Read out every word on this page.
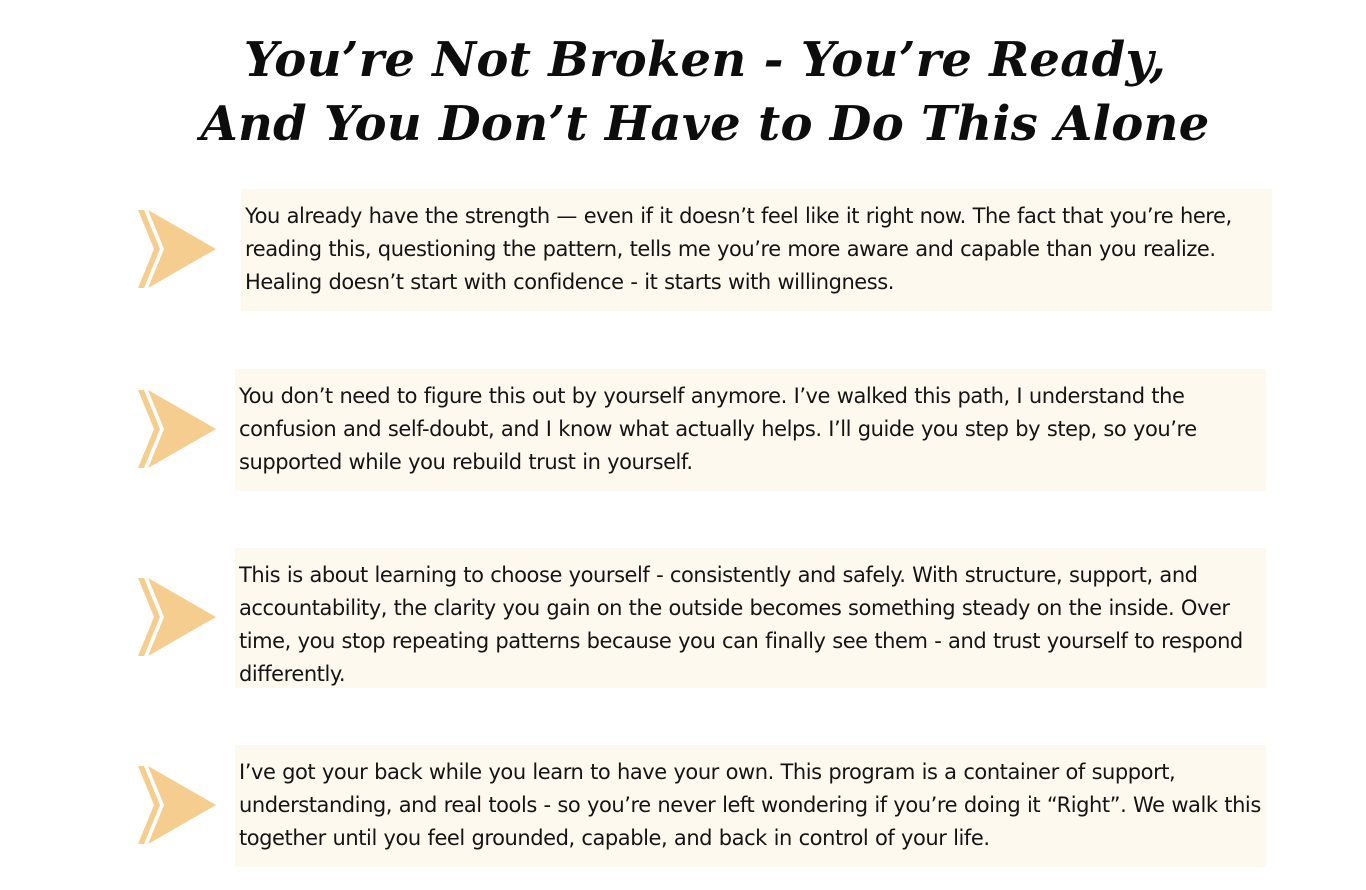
You’re Not Broken - You’re Ready,
And You Don’t Have to Do This Alone

You already have the strength — even if it doesn’t feel like it right now. The fact that you’re here, reading this, questioning the pattern, tells me you’re more aware and capable than you realize. Healing doesn’t start with confidence - it starts with willingness.

You don’t need to figure this out by yourself anymore. I’ve walked this path, I understand the confusion and self-doubt, and I know what actually helps. I’ll guide you step by step, so you’re supported while you rebuild trust in yourself.

This is about learning to choose yourself - consistently and safely. With structure, support, and accountability, the clarity you gain on the outside becomes something steady on the inside. Over time, you stop repeating patterns because you can finally see them - and trust yourself to respond differently.

I’ve got your back while you learn to have your own. This program is a container of support, understanding, and real tools - so you’re never left wondering if you’re doing it “Right”. We walk this together until you feel grounded, capable, and back in control of your life.
